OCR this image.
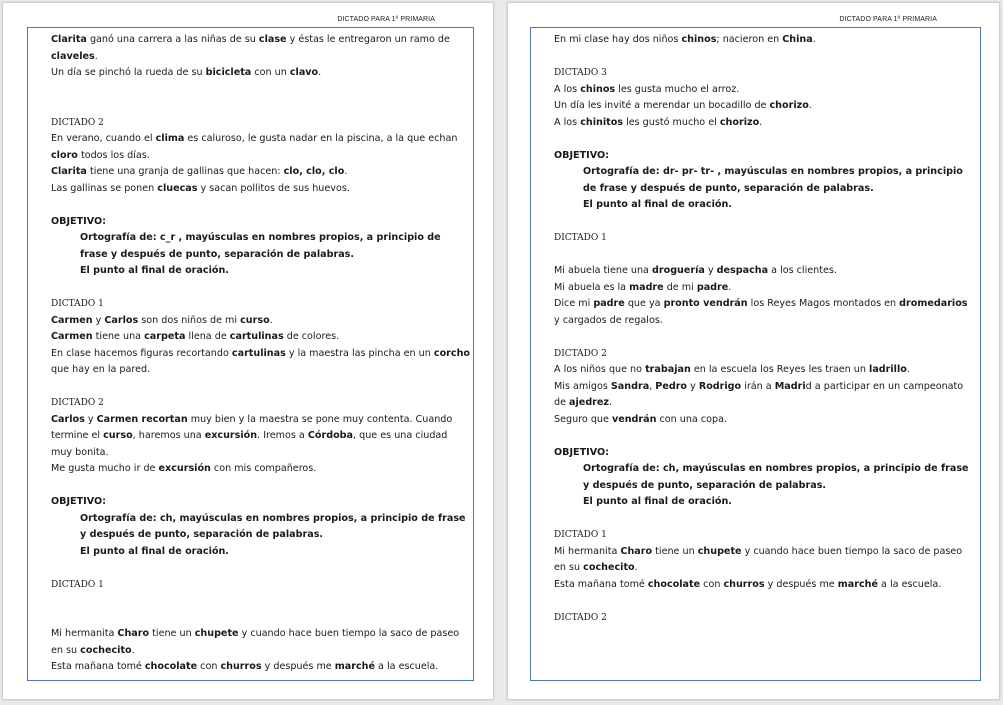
DICTADO PARA 1º PRIMARIA
Clarita ganó una carrera a las niñas de su clase y éstas le entregaron un ramo de
claveles.
Un día se pinchó la rueda de su bicicleta con un clavo.
DICTADO 2
En verano, cuando el clima es caluroso, le gusta nadar en la piscina, a la que echan
cloro todos los días.
Clarita tiene una granja de gallinas que hacen: clo, clo, clo.
Las gallinas se ponen cluecas y sacan pollitos de sus huevos.
OBJETIVO:
Ortografía de: c_r , mayúsculas en nombres propios, a principio de
frase y después de punto, separación de palabras.
El punto al final de oración.
DICTADO 1
Carmen y Carlos son dos niños de mi curso.
Carmen tiene una carpeta llena de cartulinas de colores.
En clase hacemos figuras recortando cartulinas y la maestra las pincha en un corcho
que hay en la pared.
DICTADO 2
Carlos y Carmen recortan muy bien y la maestra se pone muy contenta. Cuando
termine el curso, haremos una excursión. Iremos a Córdoba, que es una ciudad
muy bonita.
Me gusta mucho ir de excursión con mis compañeros.
OBJETIVO:
Ortografía de: ch, mayúsculas en nombres propios, a principio de frase
y después de punto, separación de palabras.
El punto al final de oración.
DICTADO 1
Mi hermanita Charo tiene un chupete y cuando hace buen tiempo la saco de paseo
en su cochecito.
Esta mañana tomé chocolate con churros y después me marché a la escuela.
DICTADO PARA 1º PRIMARIA
En mi clase hay dos niños chinos; nacieron en China.
DICTADO 3
A los chinos les gusta mucho el arroz.
Un día les invité a merendar un bocadillo de chorizo.
A los chinitos les gustó mucho el chorizo.
OBJETIVO:
Ortografía de: dr- pr- tr- , mayúsculas en nombres propios, a principio
de frase y después de punto, separación de palabras.
El punto al final de oración.
DICTADO 1
Mi abuela tiene una droguería y despacha a los clientes.
Mi abuela es la madre de mi padre.
Dice mi padre que ya pronto vendrán los Reyes Magos montados en dromedarios
y cargados de regalos.
DICTADO 2
A los niños que no trabajan en la escuela los Reyes les traen un ladrillo.
Mis amigos Sandra, Pedro y Rodrigo irán a Madrid a participar en un campeonato
de ajedrez.
Seguro que vendrán con una copa.
OBJETIVO:
Ortografía de: ch, mayúsculas en nombres propios, a principio de frase
y después de punto, separación de palabras.
El punto al final de oración.
DICTADO 1
Mi hermanita Charo tiene un chupete y cuando hace buen tiempo la saco de paseo
en su cochecito.
Esta mañana tomé chocolate con churros y después me marché a la escuela.
DICTADO 2
